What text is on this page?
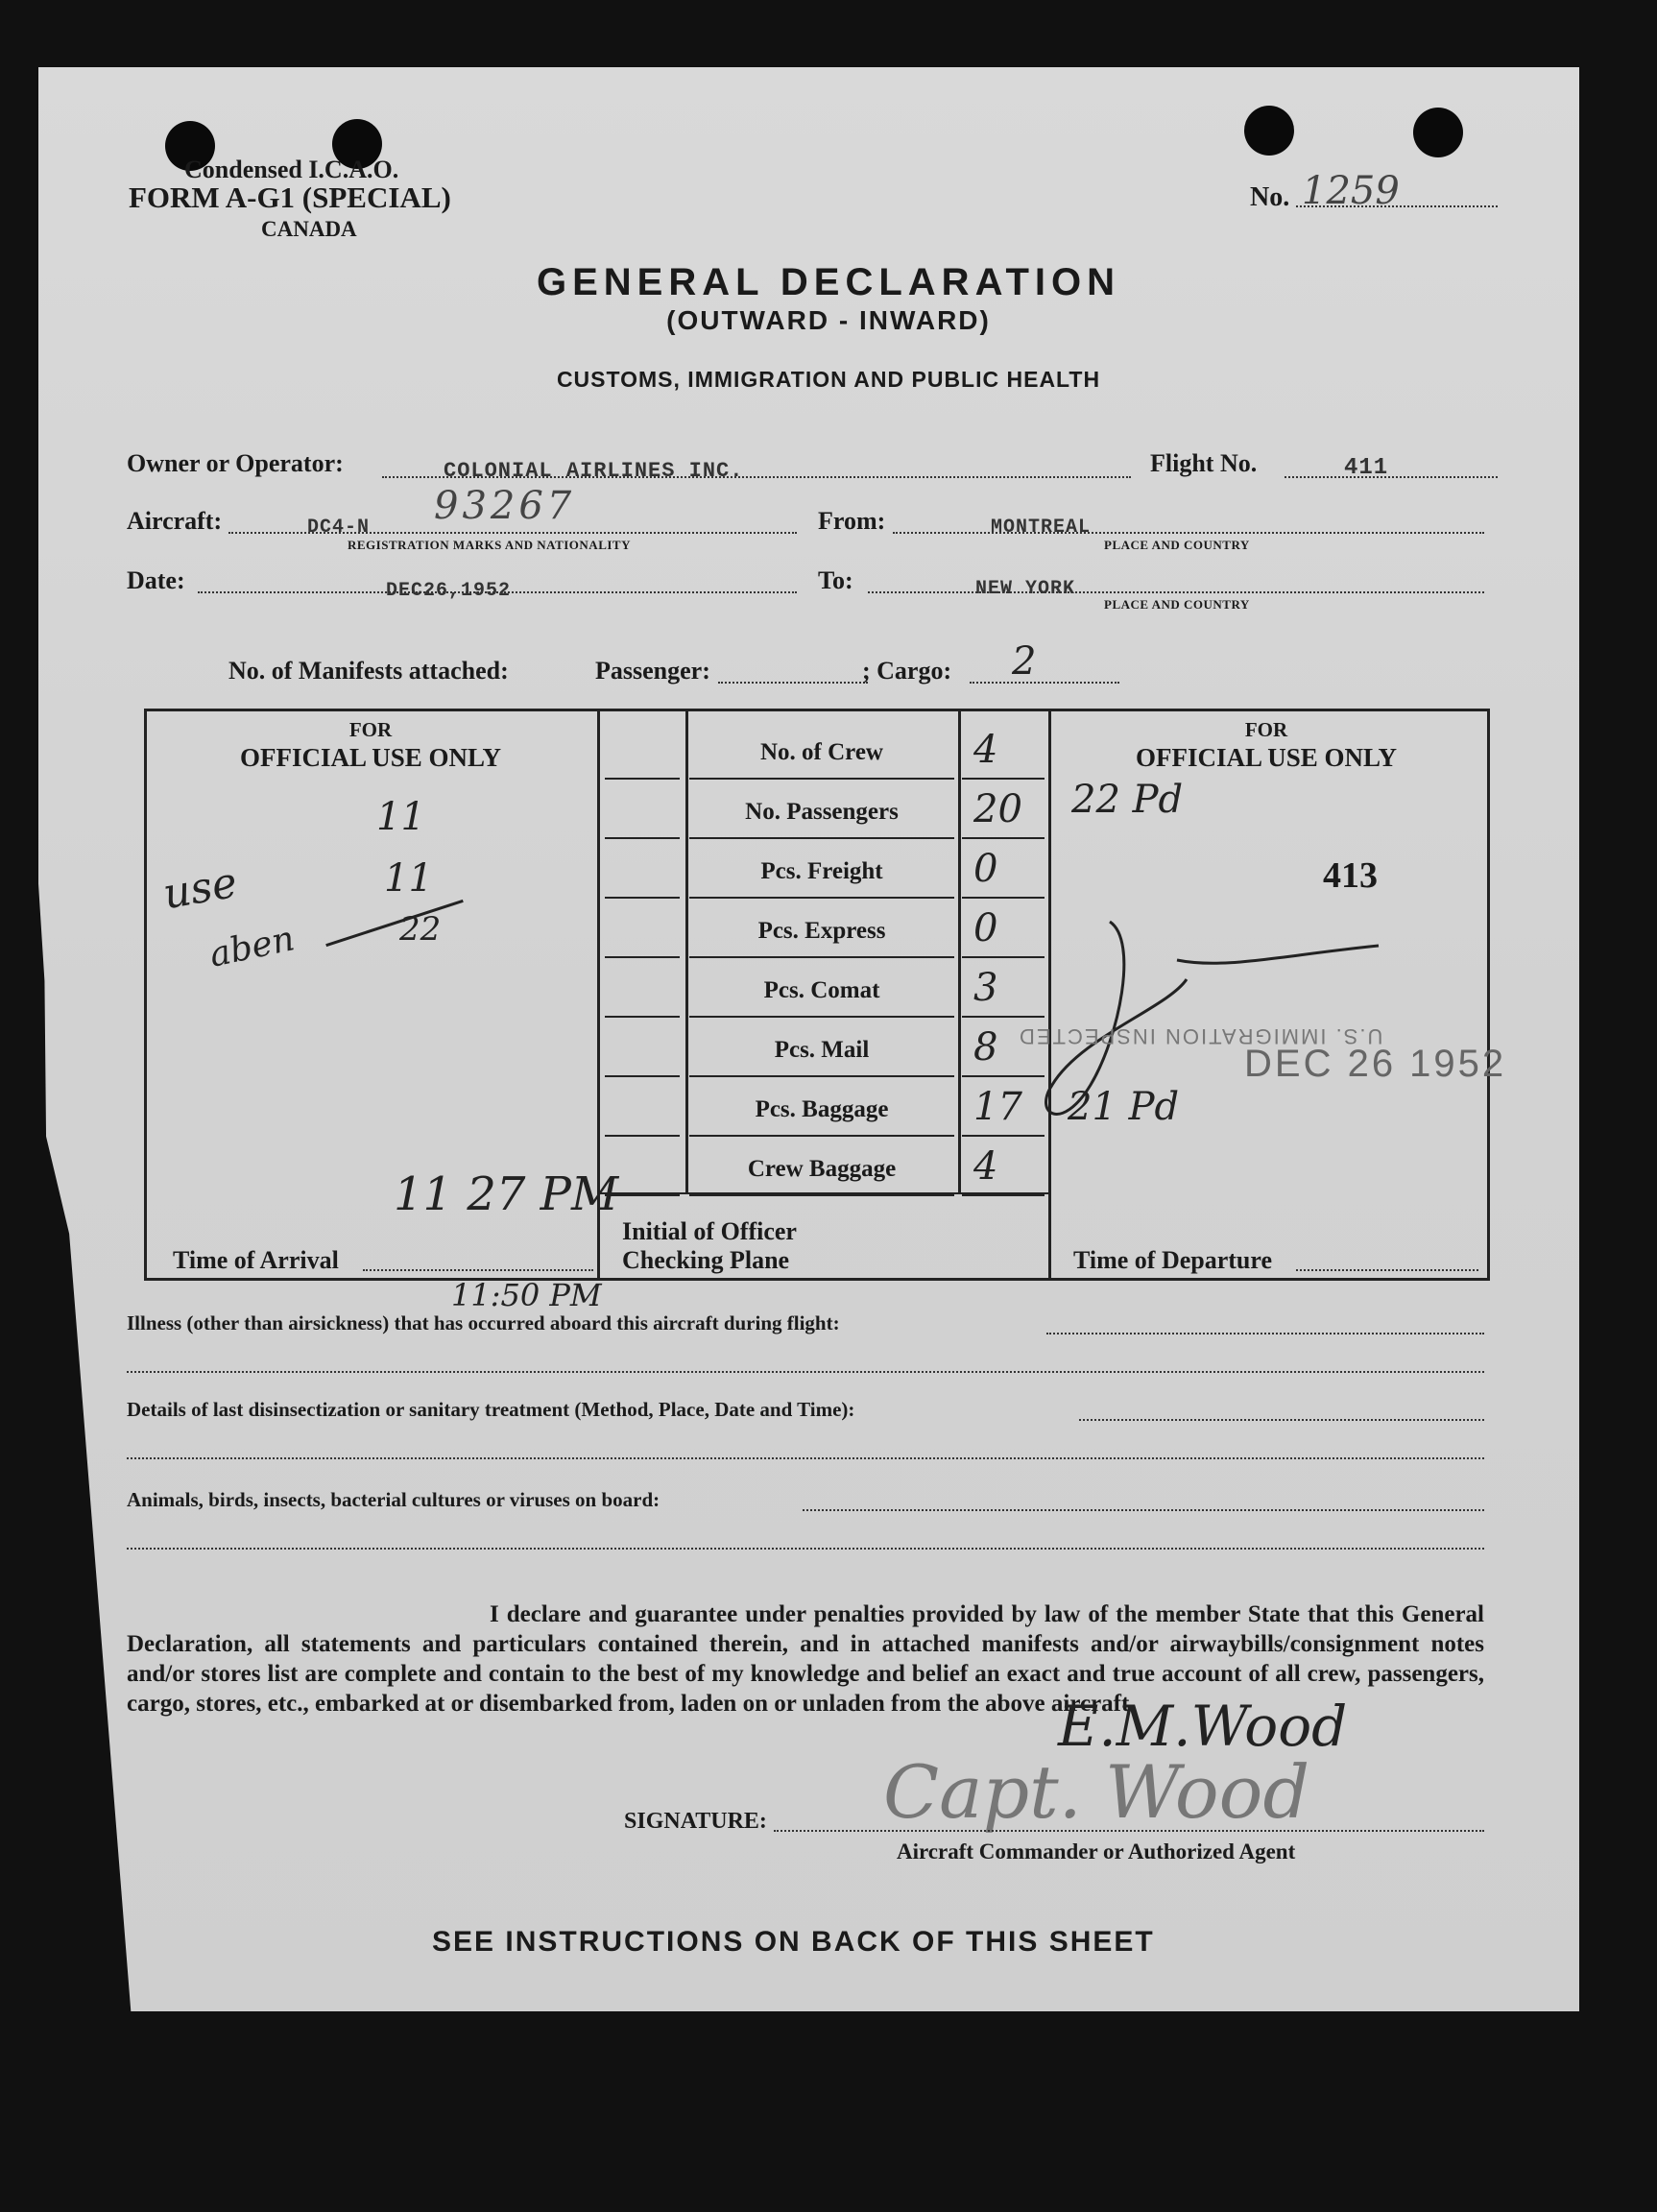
Condensed I.C.A.O.
FORM A-G1 (SPECIAL)
CANADA
No. 1259
GENERAL DECLARATION
(OUTWARD - INWARD)
CUSTOMS, IMMIGRATION AND PUBLIC HEALTH
Owner or Operator:	COLONIAL AIRLINES INC.	Flight No.	411
Aircraft:	DC4-N 93267
REGISTRATION MARKS AND NATIONALITY
From:	MONTREAL
PLACE AND COUNTRY
Date:	DEC26,1952	To:	NEW YORK
PLACE AND COUNTRY
No. of Manifests attached:	Passenger:	; Cargo: 2
FOR
OFFICIAL USE ONLY
11
use	11
aben	22
No. of Crew	4
No. Passengers	20
Pcs. Freight	0
Pcs. Express	0
Pcs. Comat	3
Pcs. Mail	8
Pcs. Baggage	17
Crew Baggage	4
FOR
OFFICIAL USE ONLY
22 Pd
413
U.S. IMMIGRATION INSPECTED
DEC 26 1952
21 Pd
11 27 PM
Time of Arrival
Initial of Officer
Checking Plane	Time of Departure
Illness (other than airsickness) that has occurred aboard this aircraft during flight:
11:50 PM
Details of last disinsectization or sanitary treatment (Method, Place, Date and Time):
Animals, birds, insects, bacterial cultures or viruses on board:
I declare and guarantee under penalties provided by law of the member State that this General Declaration, all statements and particulars contained therein, and in attached manifests and/or airwaybills/consignment notes and/or stores list are complete and contain to the best of my knowledge and belief an exact and true account of all crew, passengers, cargo, stores, etc., embarked at or disembarked from, laden on or unladen from the above aircraft.
E.M.Wood
Capt. Wood
SIGNATURE:
Aircraft Commander or Authorized Agent
SEE INSTRUCTIONS ON BACK OF THIS SHEET
